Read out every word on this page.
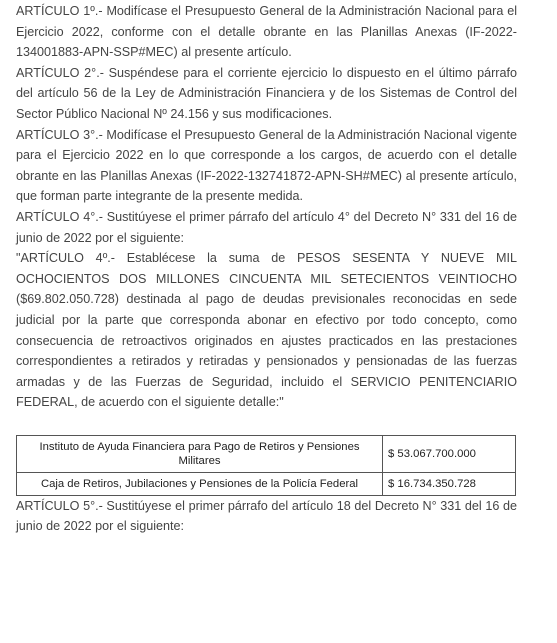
ARTÍCULO 1º.- Modifícase el Presupuesto General de la Administración Nacional para el Ejercicio 2022, conforme con el detalle obrante en las Planillas Anexas (IF-2022-134001883-APN-SSP#MEC) al presente artículo.

ARTÍCULO 2°.- Suspéndese para el corriente ejercicio lo dispuesto en el último párrafo del artículo 56 de la Ley de Administración Financiera y de los Sistemas de Control del Sector Público Nacional Nº 24.156 y sus modificaciones.

ARTÍCULO 3°.- Modifícase el Presupuesto General de la Administración Nacional vigente para el Ejercicio 2022 en lo que corresponde a los cargos, de acuerdo con el detalle obrante en las Planillas Anexas (IF-2022-132741872-APN-SH#MEC) al presente artículo, que forman parte integrante de la presente medida.

ARTÍCULO 4°.- Sustitúyese el primer párrafo del artículo 4° del Decreto N° 331 del 16 de junio de 2022 por el siguiente:

"ARTÍCULO 4º.- Establécese la suma de PESOS SESENTA Y NUEVE MIL OCHOCIENTOS DOS MILLONES CINCUENTA MIL SETECIENTOS VEINTIOCHO ($69.802.050.728) destinada al pago de deudas previsionales reconocidas en sede judicial por la parte que corresponda abonar en efectivo por todo concepto, como consecuencia de retroactivos originados en ajustes practicados en las prestaciones correspondientes a retirados y retiradas y pensionados y pensionadas de las fuerzas armadas y de las Fuerzas de Seguridad, incluido el SERVICIO PENITENCIARIO FEDERAL, de acuerdo con el siguiente detalle:"

Instituto de Ayuda Financiera para Pago de Retiros y Pensiones Militares	$ 53.067.700.000
Caja de Retiros, Jubilaciones y Pensiones de la Policía Federal	$ 16.734.350.728

ARTÍCULO 5°.- Sustitúyese el primer párrafo del artículo 18 del Decreto N° 331 del 16 de junio de 2022 por el siguiente:
